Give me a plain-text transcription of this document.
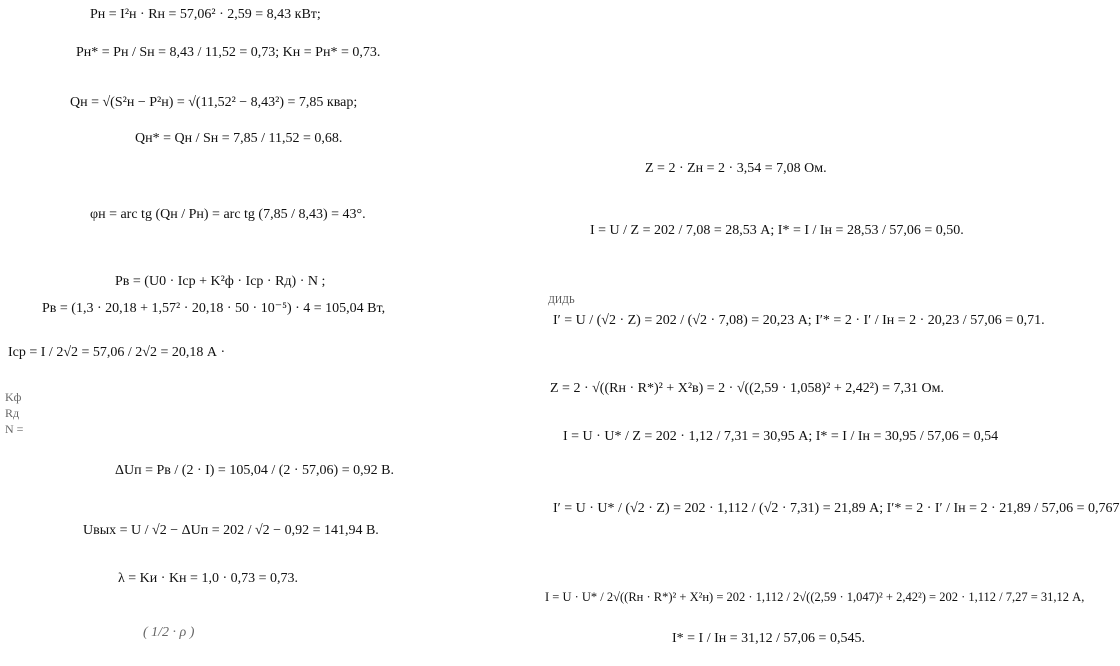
Pн = I²н · Rн = 57,06² · 2,59 = 8,43 кВт;
Pн* = Pн / Sн = 8,43 / 11,52 = 0,73; Kн = Pн* = 0,73.
Qн = √(S²н − P²н) = √(11,52² − 8,43²) = 7,85 квар;
Qн* = Qн / Sн = 7,85 / 11,52 = 0,68.
φн = arc tg (Qн / Pн) = arc tg (7,85 / 8,43) = 43°.
Pв = (U0 · Iср + K²ф · Iср · Rд) · N ;
Pв = (1,3 · 20,18 + 1,57² · 20,18 · 50 · 10⁻⁵) · 4 = 105,04 Вт,
Iср = I / 2√2 = 57,06 / 2√2 = 20,18 А ·
Kф
Rд
N =
ΔUп = Pв / (2 · I) = 105,04 / (2 · 57,06) = 0,92 В.
Uвых = U / √2 − ΔUп = 202 / √2 − 0,92 = 141,94 В.
λ = Kи · Kн = 1,0 · 0,73 = 0,73.
( 1/2 · ρ )
Z = 2 · Zн = 2 · 3,54 = 7,08 Ом.
I = U / Z = 202 / 7,08 = 28,53 А; I* = I / Iн = 28,53 / 57,06 = 0,50.
ДИДЬ
I′ = U / (√2 · Z) = 202 / (√2 · 7,08) = 20,23 А; I′* = 2 · I′ / Iн = 2 · 20,23 / 57,06 = 0,71.
Z = 2 · √((Rн · R*)² + X²в) = 2 · √((2,59 · 1,058)² + 2,42²) = 7,31 Ом.
I = U · U* / Z = 202 · 1,12 / 7,31 = 30,95 А; I* = I / Iн = 30,95 / 57,06 = 0,54
I′ = U · U* / (√2 · Z) = 202 · 1,112 / (√2 · 7,31) = 21,89 А; I′* = 2 · I′ / Iн = 2 · 21,89 / 57,06 = 0,767
I = U · U* / 2√((Rн · R*)² + X²н) = 202 · 1,112 / 2√((2,59 · 1,047)² + 2,42²) = 202 · 1,112 / 7,27 = 31,12 А,
I* = I / Iн = 31,12 / 57,06 = 0,545.
